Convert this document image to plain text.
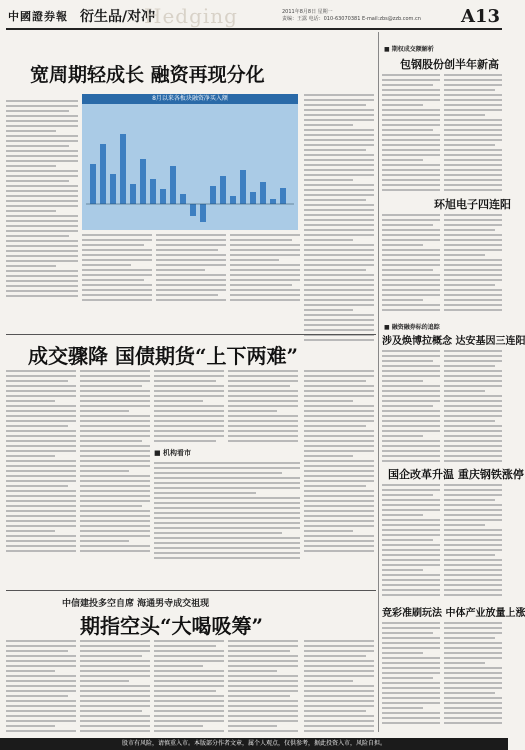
中國證券報 衍生品/对冲
Hedging	2011年8月8日 星期一
责编：王露 电话：010-63070381 E-mail:zbs@zzb.com.cn A13
宽周期轻成长 融资再现分化
8月以来各板块融资净买入额
成交骤降 国债期货“上下两难”
■ 机构看市
中信建投多空自席 海通男寺成交祖现
期指空头“大喝吸筹”
■ 期权成交额解析
包钢股份创半年新高
环旭电子四连阳
■ 融资融券标的追踪
涉及焕博拉概念 达安基因三连阳
国企改革升温 重庆钢铁涨停
竞彩准刷玩法 中体产业放量上涨
股市有风险，请慎重入市。本版部分作者文章，属个人观点，仅供参考，据此投资入市，风险自担。
